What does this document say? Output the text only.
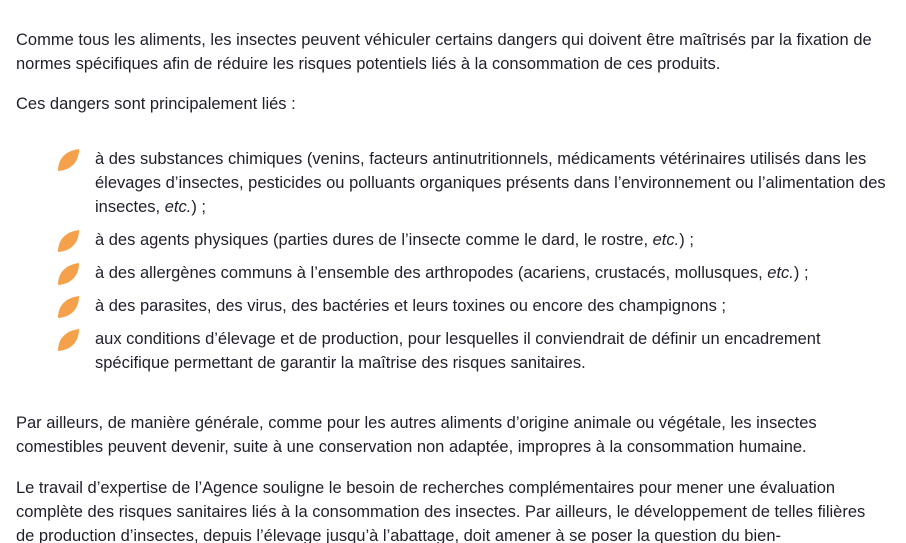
Comme tous les aliments, les insectes peuvent véhiculer certains dangers qui doivent être maîtrisés par la fixation de normes spécifiques afin de réduire les risques potentiels liés à la consommation de ces produits.

Ces dangers sont principalement liés :

à des substances chimiques (venins, facteurs antinutritionnels, médicaments vétérinaires utilisés dans les élevages d’insectes, pesticides ou polluants organiques présents dans l’environnement ou l’alimentation des insectes, etc.) ;
à des agents physiques (parties dures de l’insecte comme le dard, le rostre, etc.) ;
à des allergènes communs à l’ensemble des arthropodes (acariens, crustacés, mollusques, etc.) ;
à des parasites, des virus, des bactéries et leurs toxines ou encore des champignons ;
aux conditions d’élevage et de production, pour lesquelles il conviendrait de définir un encadrement spécifique permettant de garantir la maîtrise des risques sanitaires.

Par ailleurs, de manière générale, comme pour les autres aliments d’origine animale ou végétale, les insectes comestibles peuvent devenir, suite à une conservation non adaptée, impropres à la consommation humaine.

Le travail d’expertise de l’Agence souligne le besoin de recherches complémentaires pour mener une évaluation complète des risques sanitaires liés à la consommation des insectes. Par ailleurs, le développement de telles filières de production d’insectes, depuis l’élevage jusqu’à l’abattage, doit amener à se poser la question du bien-
